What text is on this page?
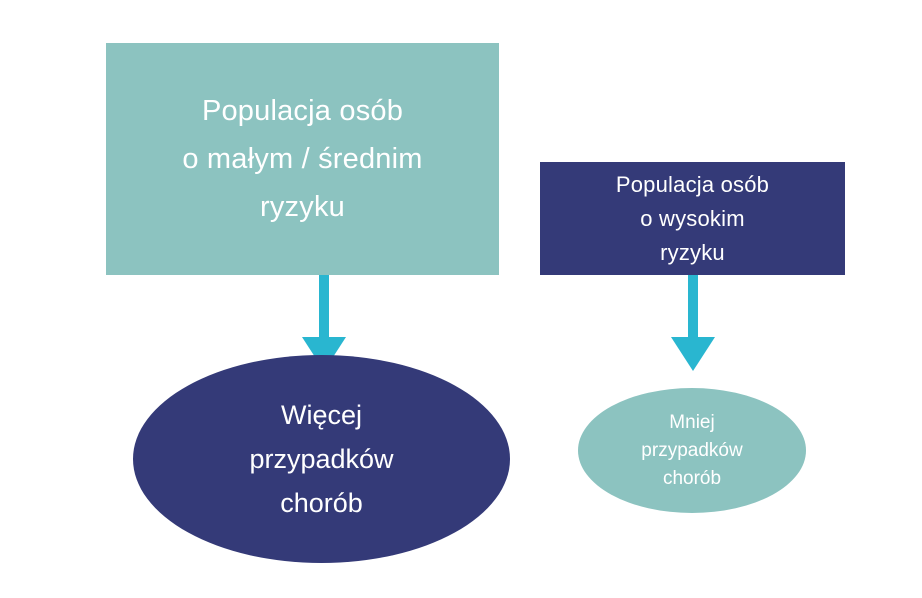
Populacja osób
o małym / średnim
ryzyku
Populacja osób
o wysokim
ryzyku
Więcej
przypadków
chorób
Mniej
przypadków
chorób
